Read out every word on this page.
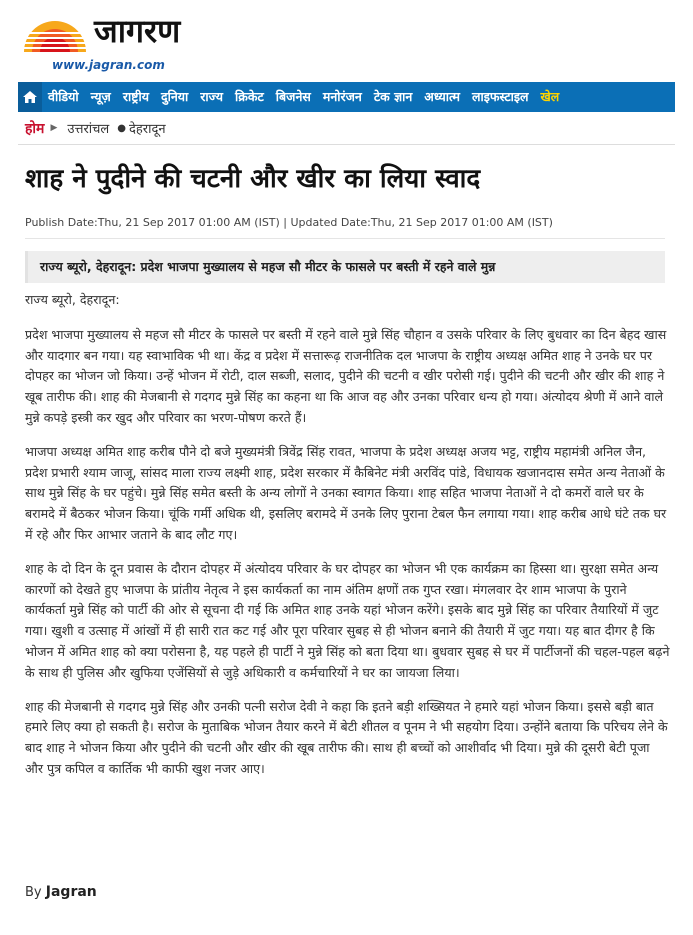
जागरण
www.jagran.com
वीडियो न्यूज़ राष्ट्रीय दुनिया राज्य क्रिकेट बिजनेस मनोरंजन टेक ज्ञान अध्यात्म लाइफस्टाइल खेल
होम ▶ उत्तरांचल ● देहरादून
शाह ने पुदीने की चटनी और खीर का लिया स्वाद
Publish Date:Thu, 21 Sep 2017 01:00 AM (IST) | Updated Date:Thu, 21 Sep 2017 01:00 AM (IST)
राज्य ब्यूरो, देहरादून: प्रदेश भाजपा मुख्यालय से महज सौ मीटर के फासले पर बस्ती में रहने वाले मुन्न

राज्य ब्यूरो, देहरादून:

प्रदेश भाजपा मुख्यालय से महज सौ मीटर के फासले पर बस्ती में रहने वाले मुन्ने सिंह चौहान व उसके परिवार के लिए बुधवार का दिन बेहद खास और यादगार बन गया। यह स्वाभाविक भी था। केंद्र व प्रदेश में सत्तारूढ़ राजनीतिक दल भाजपा के राष्ट्रीय अध्यक्ष अमित शाह ने उनके घर पर दोपहर का भोजन जो किया। उन्हें भोजन में रोटी, दाल सब्जी, सलाद, पुदीने की चटनी व खीर परोसी गई। पुदीने की चटनी और खीर की शाह ने खूब तारीफ की। शाह की मेजबानी से गदगद मुन्ने सिंह का कहना था कि आज वह और उनका परिवार धन्य हो गया। अंत्योदय श्रेणी में आने वाले मुन्ने कपड़े इस्त्री कर खुद और परिवार का भरण-पोषण करते हैं।

भाजपा अध्यक्ष अमित शाह करीब पौने दो बजे मुख्यमंत्री त्रिवेंद्र सिंह रावत, भाजपा के प्रदेश अध्यक्ष अजय भट्ट, राष्ट्रीय महामंत्री अनिल जैन, प्रदेश प्रभारी श्याम जाजू, सांसद माला राज्य लक्ष्मी शाह, प्रदेश सरकार में कैबिनेट मंत्री अरविंद पांडे, विधायक खजानदास समेत अन्य नेताओं के साथ मुन्ने सिंह के घर पहुंचे। मुन्ने सिंह समेत बस्ती के अन्य लोगों ने उनका स्वागत किया। शाह सहित भाजपा नेताओं ने दो कमरों वाले घर के बरामदे में बैठकर भोजन किया। चूंकि गर्मी अधिक थी, इसलिए बरामदे में उनके लिए पुराना टेबल फैन लगाया गया। शाह करीब आधे घंटे तक घर में रहे और फिर आभार जताने के बाद लौट गए।

शाह के दो दिन के दून प्रवास के दौरान दोपहर में अंत्योदय परिवार के घर दोपहर का भोजन भी एक कार्यक्रम का हिस्सा था। सुरक्षा समेत अन्य कारणों को देखते हुए भाजपा के प्रांतीय नेतृत्व ने इस कार्यकर्ता का नाम अंतिम क्षणों तक गुप्त रखा। मंगलवार देर शाम भाजपा के पुराने कार्यकर्ता मुन्ने सिंह को पार्टी की ओर से सूचना दी गई कि अमित शाह उनके यहां भोजन करेंगे। इसके बाद मुन्ने सिंह का परिवार तैयारियों में जुट गया। खुशी व उत्साह में आंखों में ही सारी रात कट गई और पूरा परिवार सुबह से ही भोजन बनाने की तैयारी में जुट गया। यह बात दीगर है कि भोजन में अमित शाह को क्या परोसना है, यह पहले ही पार्टी ने मुन्ने सिंह को बता दिया था। बुधवार सुबह से घर में पार्टीजनों की चहल-पहल बढ़ने के साथ ही पुलिस और खुफिया एजेंसियों से जुड़े अधिकारी व कर्मचारियों ने घर का जायजा लिया।

शाह की मेजबानी से गदगद मुन्ने सिंह और उनकी पत्नी सरोज देवी ने कहा कि इतने बड़ी शख्सियत ने हमारे यहां भोजन किया। इससे बड़ी बात हमारे लिए क्या हो सकती है। सरोज के मुताबिक भोजन तैयार करने में बेटी शीतल व पूनम ने भी सहयोग दिया। उन्होंने बताया कि परिचय लेने के बाद शाह ने भोजन किया और पुदीने की चटनी और खीर की खूब तारीफ की। साथ ही बच्चों को आशीर्वाद भी दिया। मुन्ने की दूसरी बेटी पूजा और पुत्र कपिल व कार्तिक भी काफी खुश नजर आए।

By Jagran
